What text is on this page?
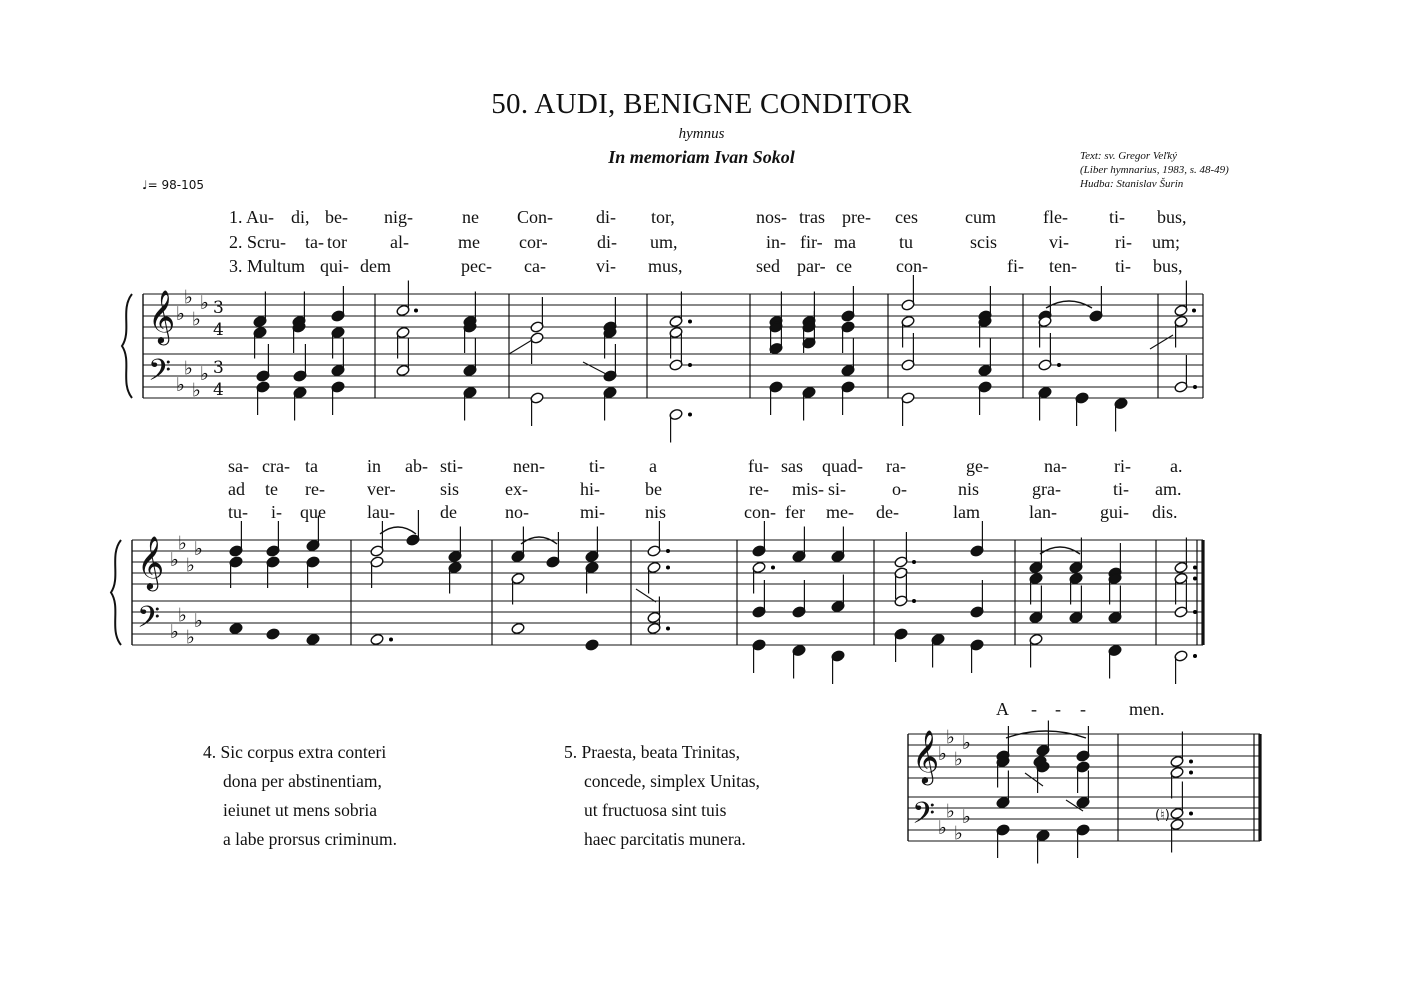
50. AUDI, BENIGNE CONDITOR
hymnus
In memoriam Ivan Sokol	Text: sv. Gregor Veľký
(Liber hymnarius, 1983, s. 48-49)
Hudba: Stanislav Šurin
♩= 98-105
1. Au- di, be- nig-	ne Con- di- tor,	nos- tras pre- ces	cum	fle- ti- bus,
2. Scru- ta- tor al-	me cor-	di- um,	in- fir- ma tu	scis	vi-	ri- um;
3. Multum qui- dem	pec- ca-	vi- mus,	sed par- ce con-	fi- ten- ti- bus,
sa- cra- ta	in ab- sti-	nen- ti- a	fu- sas quad- ra-	ge-	na-	ri- a.
ad te re- ver- sis	ex-	hi-	be	re- mis- si-	o-	nis	gra-	ti- am.
tu- i- que lau-	de	no-	mi- nis	con- fer me- de-	lam	lan- gui- dis.
4. Sic corpus extra conteri
dona per abstinentiam,
ieiunet ut mens sobria
a labe prorsus criminum.
5. Praesta, beata Trinitas,
concede, simplex Unitas,
ut fructuosa sint tuis
haec parcitatis munera.
A - - - men.
𝄞
𝄢
♭
♭
♭
♭
♭
♭
♭
♭
3
4
3
4
𝄞
𝄢
♭
♭
♭
♭
♭
♭
♭
♭
𝄞
𝄢
♭
♭
♭
♭
♭
♭
♭
♭	(♮)
